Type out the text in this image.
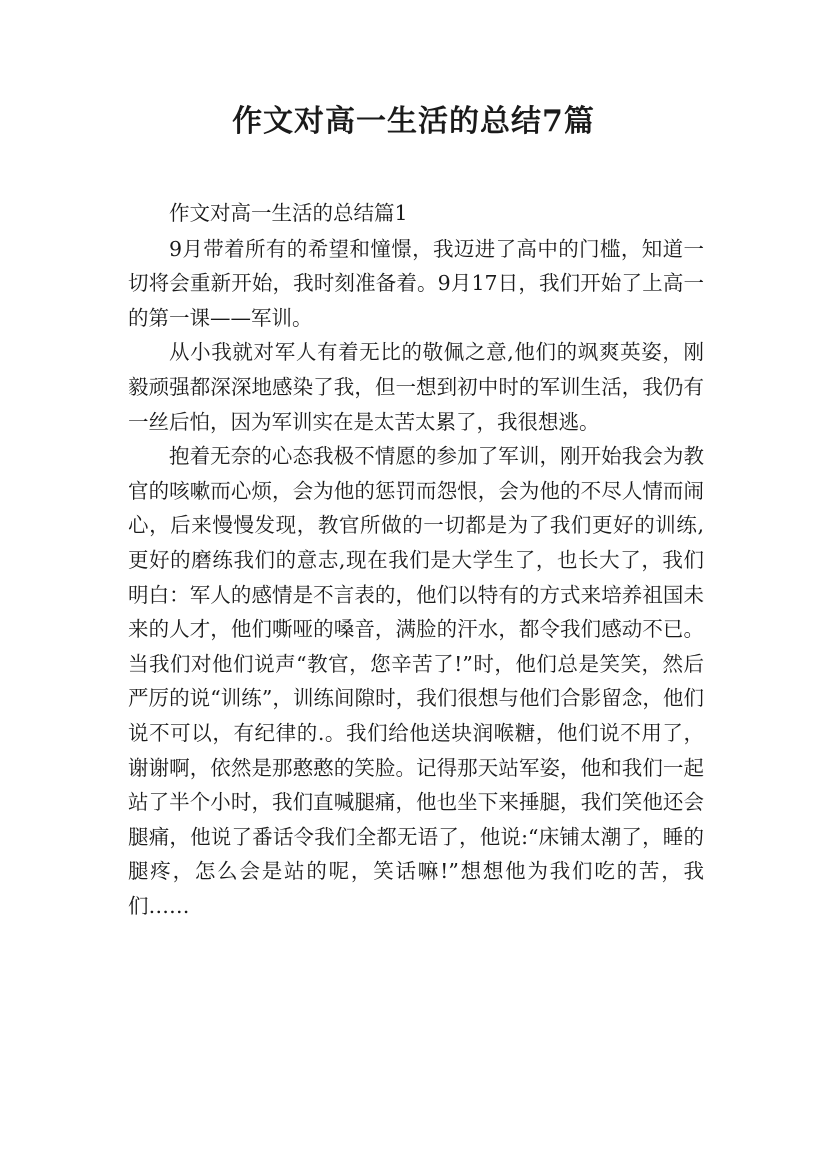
作文对高一生活的总结7篇

作文对高一生活的总结篇1

9月带着所有的希望和憧憬，我迈进了高中的门槛，知道一切将会重新开始，我时刻准备着。9月17日，我们开始了上高一的第一课——军训。

从小我就对军人有着无比的敬佩之意,他们的飒爽英姿，刚毅顽强都深深地感染了我，但一想到初中时的军训生活，我仍有一丝后怕，因为军训实在是太苦太累了，我很想逃。

抱着无奈的心态我极不情愿的参加了军训，刚开始我会为教官的咳嗽而心烦，会为他的惩罚而怨恨，会为他的不尽人情而闹心，后来慢慢发现，教官所做的一切都是为了我们更好的训练,更好的磨练我们的意志,现在我们是大学生了，也长大了，我们明白：军人的感情是不言表的，他们以特有的方式来培养祖国未来的人才，他们嘶哑的嗓音，满脸的汗水，都令我们感动不已。当我们对他们说声“教官，您辛苦了!”时，他们总是笑笑，然后严厉的说“训练”，训练间隙时，我们很想与他们合影留念，他们说不可以，有纪律的.。我们给他送块润喉糖，他们说不用了，谢谢啊，依然是那憨憨的笑脸。记得那天站军姿，他和我们一起站了半个小时，我们直喊腿痛，他也坐下来捶腿，我们笑他还会腿痛，他说了番话令我们全都无语了，他说:“床铺太潮了，睡的腿疼，怎么会是站的呢，笑话嘛!”想想他为我们吃的苦，我们……
